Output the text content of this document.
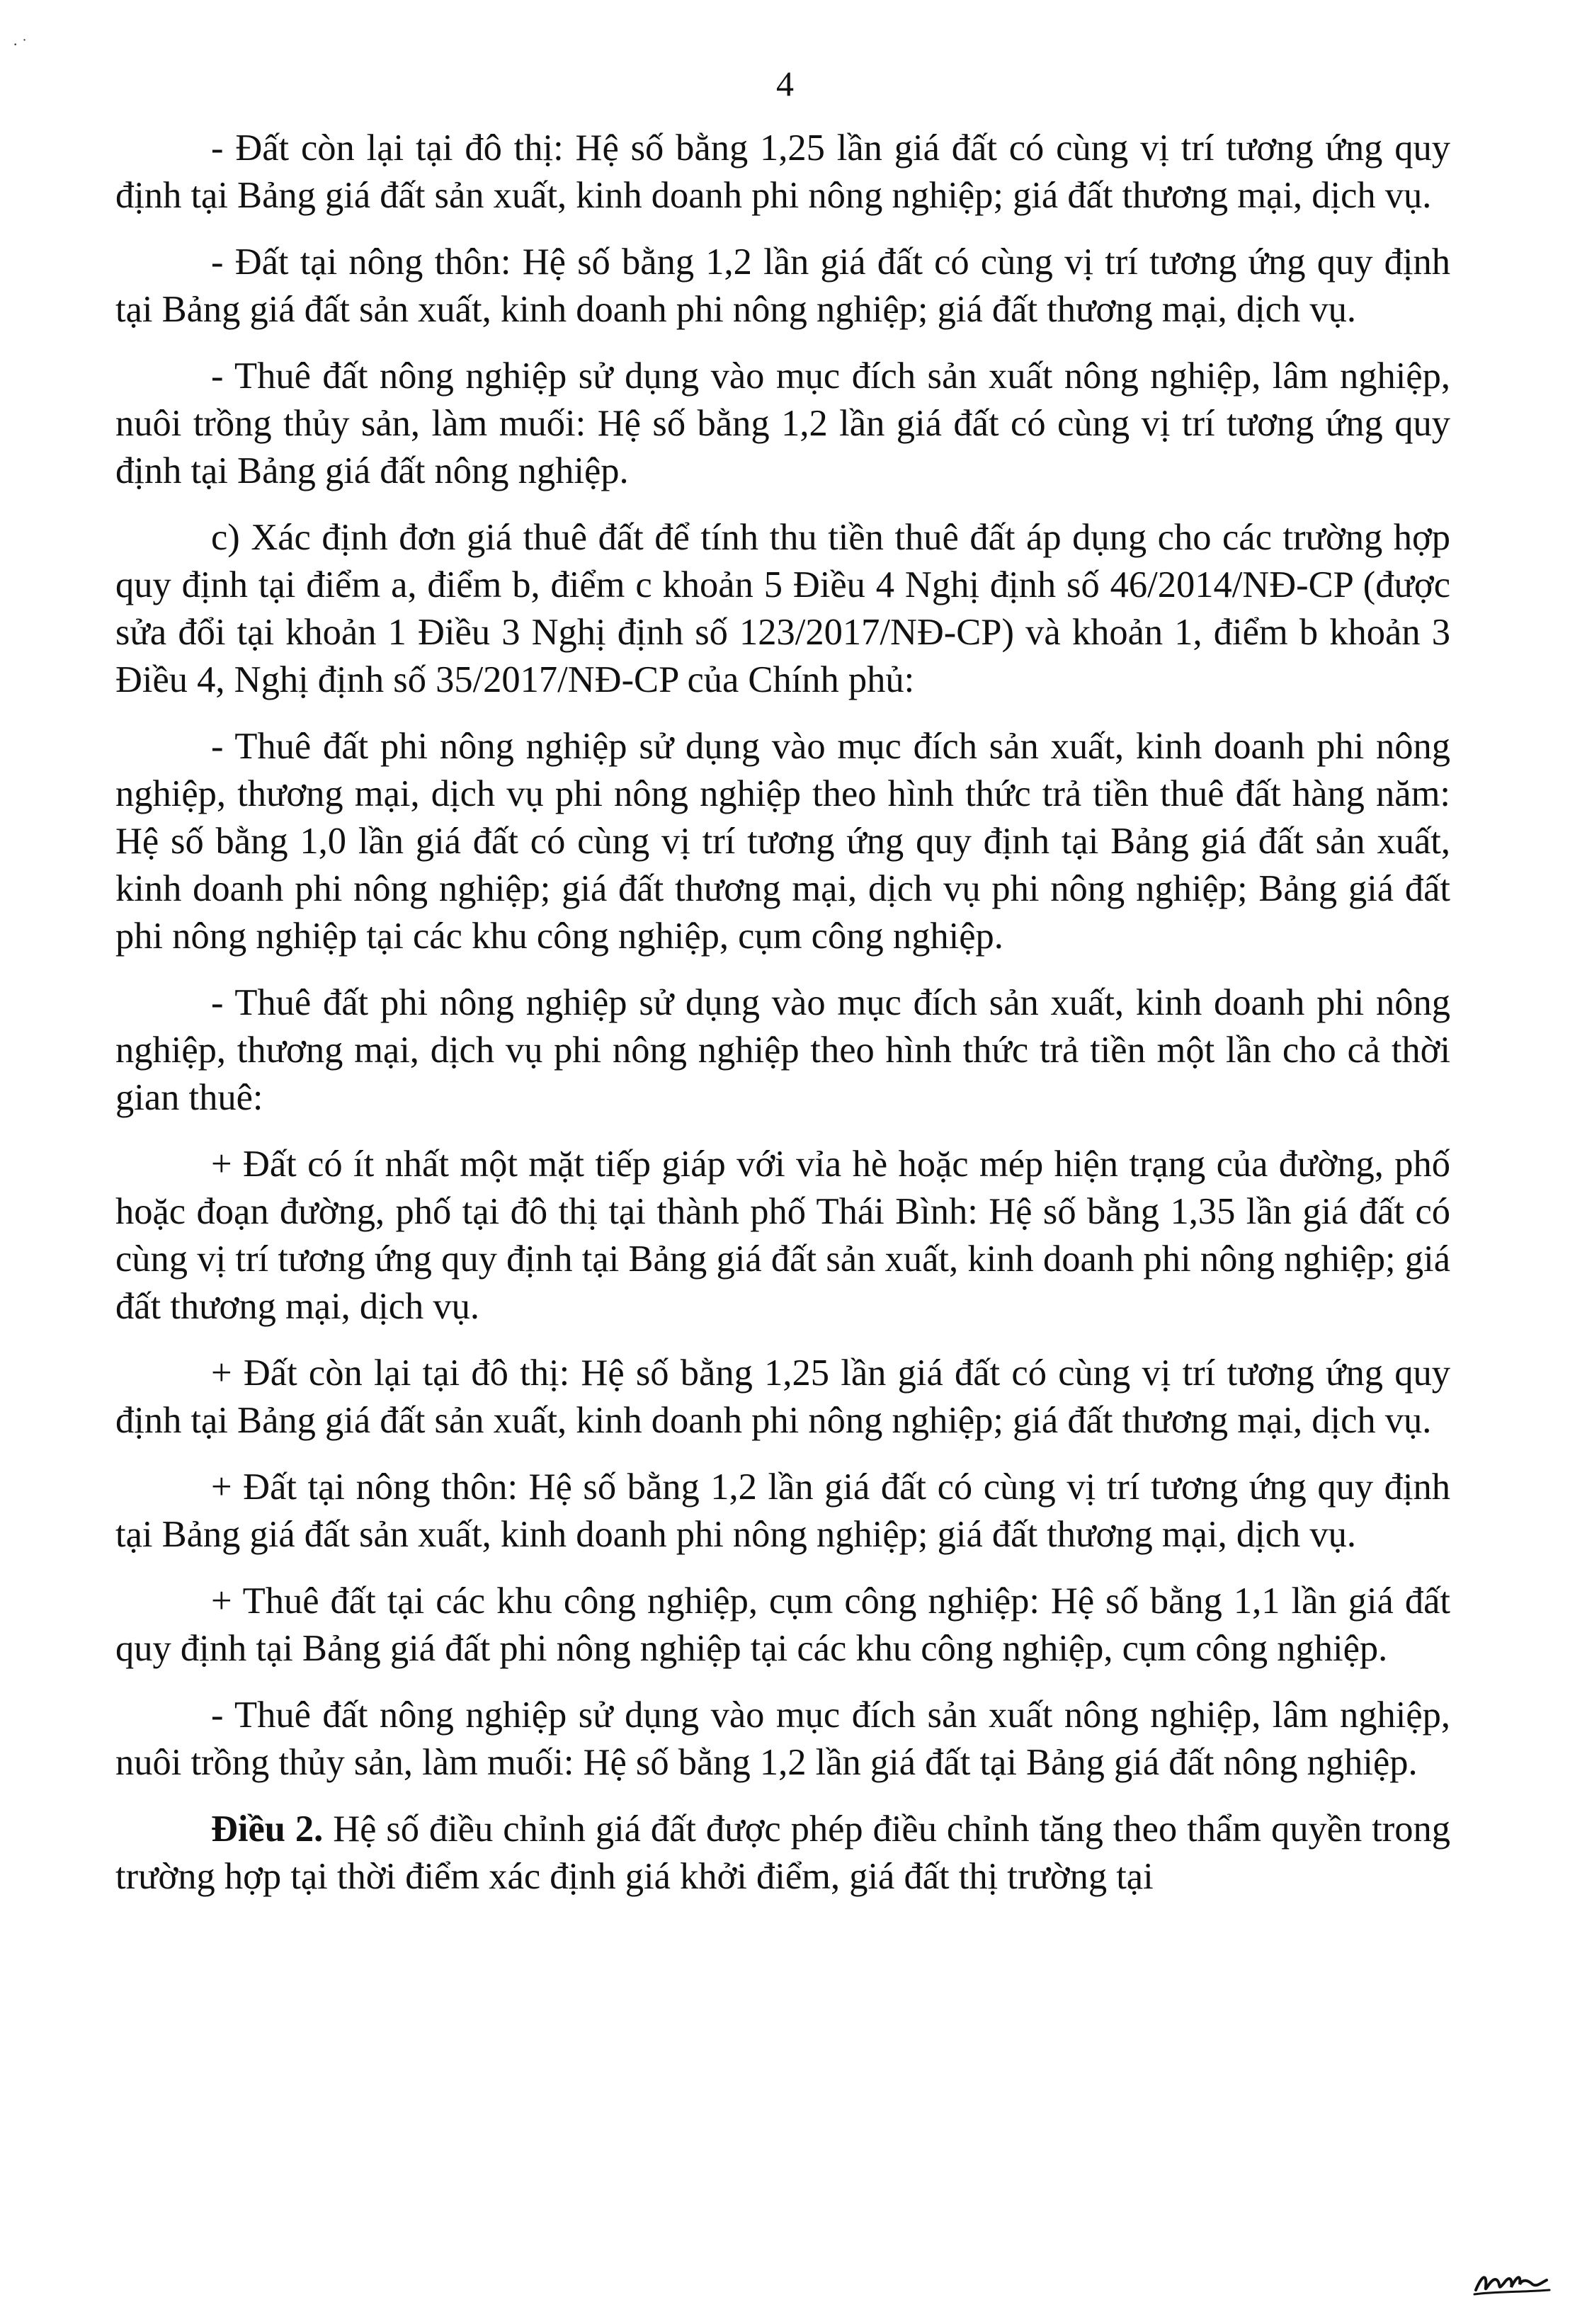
· ˙
4

- Đất còn lại tại đô thị: Hệ số bằng 1,25 lần giá đất có cùng vị trí tương ứng quy định tại Bảng giá đất sản xuất, kinh doanh phi nông nghiệp; giá đất thương mại, dịch vụ.

- Đất tại nông thôn: Hệ số bằng 1,2 lần giá đất có cùng vị trí tương ứng quy định tại Bảng giá đất sản xuất, kinh doanh phi nông nghiệp; giá đất thương mại, dịch vụ.

- Thuê đất nông nghiệp sử dụng vào mục đích sản xuất nông nghiệp, lâm nghiệp, nuôi trồng thủy sản, làm muối: Hệ số bằng 1,2 lần giá đất có cùng vị trí tương ứng quy định tại Bảng giá đất nông nghiệp.

c) Xác định đơn giá thuê đất để tính thu tiền thuê đất áp dụng cho các trường hợp quy định tại điểm a, điểm b, điểm c khoản 5 Điều 4 Nghị định số 46/2014/NĐ-CP (được sửa đổi tại khoản 1 Điều 3 Nghị định số 123/2017/NĐ-CP) và khoản 1, điểm b khoản 3 Điều 4, Nghị định số 35/2017/NĐ-CP của Chính phủ:

- Thuê đất phi nông nghiệp sử dụng vào mục đích sản xuất, kinh doanh phi nông nghiệp, thương mại, dịch vụ phi nông nghiệp theo hình thức trả tiền thuê đất hàng năm: Hệ số bằng 1,0 lần giá đất có cùng vị trí tương ứng quy định tại Bảng giá đất sản xuất, kinh doanh phi nông nghiệp; giá đất thương mại, dịch vụ phi nông nghiệp; Bảng giá đất phi nông nghiệp tại các khu công nghiệp, cụm công nghiệp.

- Thuê đất phi nông nghiệp sử dụng vào mục đích sản xuất, kinh doanh phi nông nghiệp, thương mại, dịch vụ phi nông nghiệp theo hình thức trả tiền một lần cho cả thời gian thuê:

+ Đất có ít nhất một mặt tiếp giáp với vỉa hè hoặc mép hiện trạng của đường, phố hoặc đoạn đường, phố tại đô thị tại thành phố Thái Bình: Hệ số bằng 1,35 lần giá đất có cùng vị trí tương ứng quy định tại Bảng giá đất sản xuất, kinh doanh phi nông nghiệp; giá đất thương mại, dịch vụ.

+ Đất còn lại tại đô thị: Hệ số bằng 1,25 lần giá đất có cùng vị trí tương ứng quy định tại Bảng giá đất sản xuất, kinh doanh phi nông nghiệp; giá đất thương mại, dịch vụ.

+ Đất tại nông thôn: Hệ số bằng 1,2 lần giá đất có cùng vị trí tương ứng quy định tại Bảng giá đất sản xuất, kinh doanh phi nông nghiệp; giá đất thương mại, dịch vụ.

+ Thuê đất tại các khu công nghiệp, cụm công nghiệp: Hệ số bằng 1,1 lần giá đất quy định tại Bảng giá đất phi nông nghiệp tại các khu công nghiệp, cụm công nghiệp.

- Thuê đất nông nghiệp sử dụng vào mục đích sản xuất nông nghiệp, lâm nghiệp, nuôi trồng thủy sản, làm muối: Hệ số bằng 1,2 lần giá đất tại Bảng giá đất nông nghiệp.

Điều 2. Hệ số điều chỉnh giá đất được phép điều chỉnh tăng theo thẩm quyền trong trường hợp tại thời điểm xác định giá khởi điểm, giá đất thị trường tại
